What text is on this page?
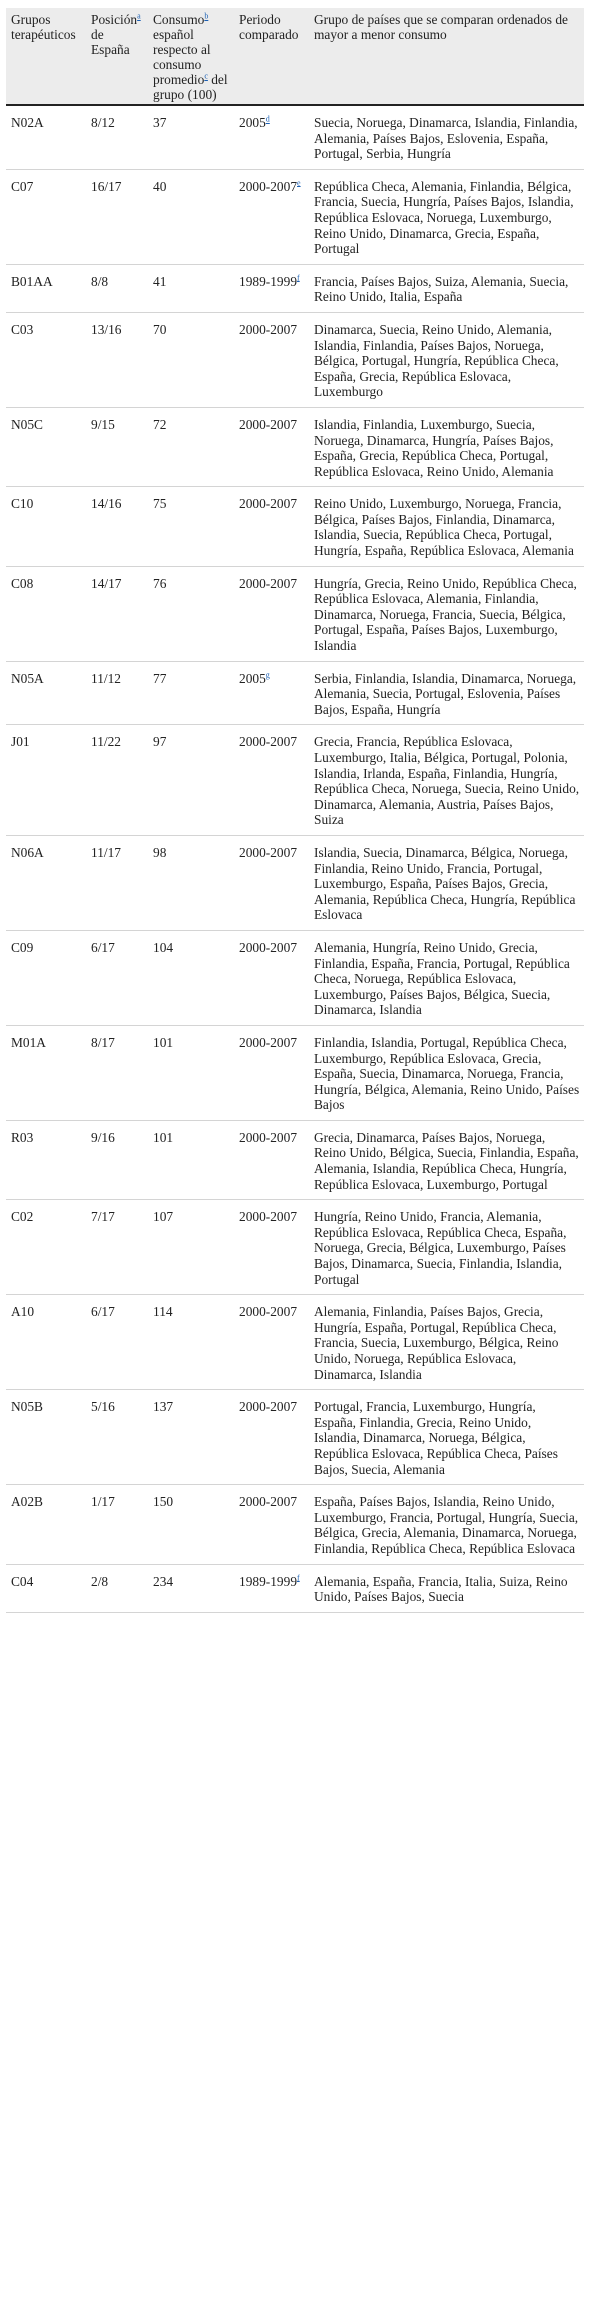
Grupos terapéuticos	Posición$^a$ de España	Consumo$^b$ español respecto al consumo promedio$^c$ del grupo (100)	Periodo comparado	Grupo de países que se comparan ordenados de mayor a menor consumo
N02A	8/12	37	2005$^d$	Suecia, Noruega, Dinamarca, Islandia, Finlandia, Alemania, Países Bajos, Eslovenia, España, Portugal, Serbia, Hungría
C07	16/17	40	2000-2007e	República Checa, Alemania, Finlandia, Bélgica, Francia, Suecia, Hungría, Países Bajos, Islandia, República Eslovaca, Noruega, Luxemburgo, Reino Unido, Dinamarca, Grecia, España, Portugal
B01AA	8/8	41	1989-1999$^f$	Francia, Países Bajos, Suiza, Alemania, Suecia, Reino Unido, Italia, España
C03	13/16	70	2000-2007	Dinamarca, Suecia, Reino Unido, Alemania, Islandia, Finlandia, Países Bajos, Noruega, Bélgica, Portugal, Hungría, República Checa, España, Grecia, República Eslovaca, Luxemburgo
N05C	9/15	72	2000-2007	Islandia, Finlandia, Luxemburgo, Suecia, Noruega, Dinamarca, Hungría, Países Bajos, España, Grecia, República Checa, Portugal, República Eslovaca, Reino Unido, Alemania
C10	14/16	75	2000-2007	Reino Unido, Luxemburgo, Noruega, Francia, Bélgica, Países Bajos, Finlandia, Dinamarca, Islandia, Suecia, República Checa, Portugal, Hungría, España, República Eslovaca, Alemania
C08	14/17	76	2000-2007	Hungría, Grecia, Reino Unido, República Checa, República Eslovaca, Alemania, Finlandia, Dinamarca, Noruega, Francia, Suecia, Bélgica, Portugal, España, Países Bajos, Luxemburgo, Islandia
N05A	11/12	77	2005$^g$	Serbia, Finlandia, Islandia, Dinamarca, Noruega, Alemania, Suecia, Portugal, Eslovenia, Países Bajos, España, Hungría
J01	11/22	97	2000-2007	Grecia, Francia, República Eslovaca, Luxemburgo, Italia, Bélgica, Portugal, Polonia, Islandia, Irlanda, España, Finlandia, Hungría, República Checa, Noruega, Suecia, Reino Unido, Dinamarca, Alemania, Austria, Países Bajos, Suiza
N06A	11/17	98	2000-2007	Islandia, Suecia, Dinamarca, Bélgica, Noruega, Finlandia, Reino Unido, Francia, Portugal, Luxemburgo, España, Países Bajos, Grecia, Alemania, República Checa, Hungría, República Eslovaca
C09	6/17	104	2000-2007	Alemania, Hungría, Reino Unido, Grecia, Finlandia, España, Francia, Portugal, República Checa, Noruega, República Eslovaca, Luxemburgo, Países Bajos, Bélgica, Suecia, Dinamarca, Islandia
M01A	8/17	101	2000-2007	Finlandia, Islandia, Portugal, República Checa, Luxemburgo, República Eslovaca, Grecia, España, Suecia, Dinamarca, Noruega, Francia, Hungría, Bélgica, Alemania, Reino Unido, Países Bajos
R03	9/16	101	2000-2007	Grecia, Dinamarca, Países Bajos, Noruega, Reino Unido, Bélgica, Suecia, Finlandia, España, Alemania, Islandia, República Checa, Hungría, República Eslovaca, Luxemburgo, Portugal
C02	7/17	107	2000-2007	Hungría, Reino Unido, Francia, Alemania, República Eslovaca, República Checa, España, Noruega, Grecia, Bélgica, Luxemburgo, Países Bajos, Dinamarca, Suecia, Finlandia, Islandia, Portugal
A10	6/17	114	2000-2007	Alemania, Finlandia, Países Bajos, Grecia, Hungría, España, Portugal, República Checa, Francia, Suecia, Luxemburgo, Bélgica, Reino Unido, Noruega, República Eslovaca, Dinamarca, Islandia
N05B	5/16	137	2000-2007	Portugal, Francia, Luxemburgo, Hungría, España, Finlandia, Grecia, Reino Unido, Islandia, Dinamarca, Noruega, Bélgica, República Eslovaca, República Checa, Países Bajos, Suecia, Alemania
A02B	1/17	150	2000-2007	España, Países Bajos, Islandia, Reino Unido, Luxemburgo, Francia, Portugal, Hungría, Suecia, Bélgica, Grecia, Alemania, Dinamarca, Noruega, Finlandia, República Checa, República Eslovaca
C04	2/8	234	1989-1999$^f$	Alemania, España, Francia, Italia, Suiza, Reino Unido, Países Bajos, Suecia
